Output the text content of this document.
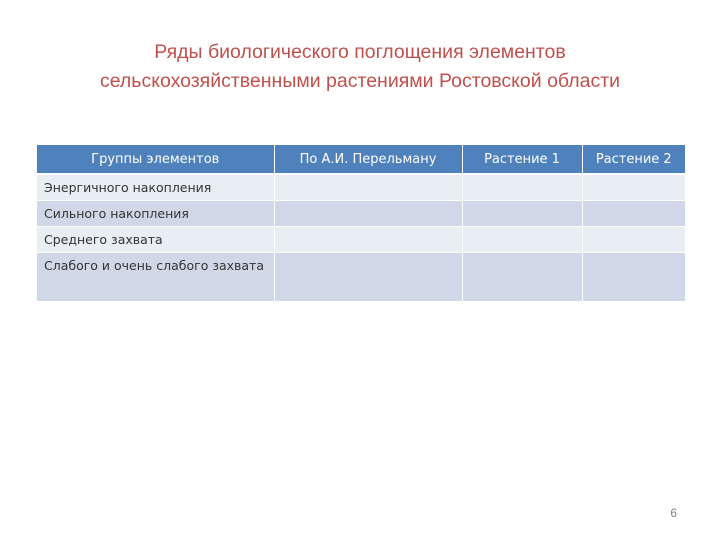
Ряды биологического поглощения элементов
сельскохозяйственными растениями Ростовской области
Группы элементов	По А.И. Перельману	Растение 1	Растение 2
Энергичного накопления			
Сильного накопления			
Среднего захвата			
Слабого и очень слабого захвата			
6
